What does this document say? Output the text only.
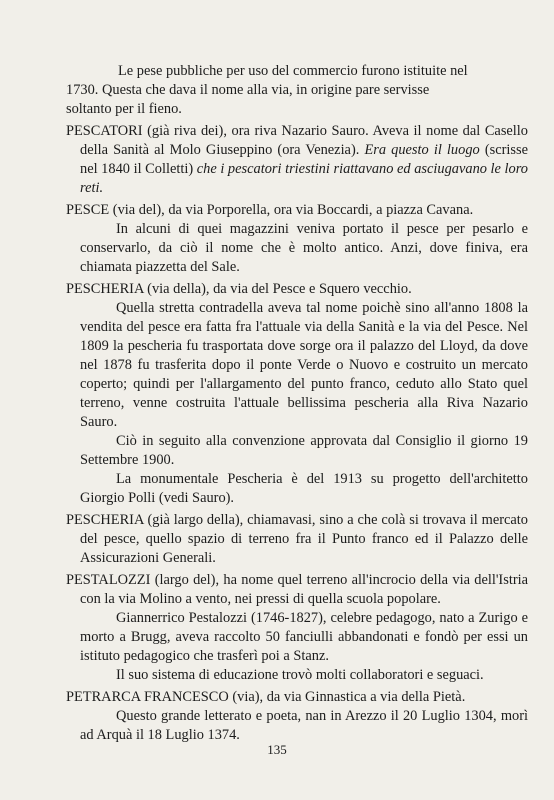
Le pese pubbliche per uso del commercio furono istituite nel
1730. Questa che dava il nome alla via, in origine pare servisse
soltanto per il fieno.

PESCATORI (già riva dei), ora riva Nazario Sauro. Aveva il nome dal Casello della Sanità al Molo Giuseppino (ora Venezia). Era questo il luogo (scrisse nel 1840 il Colletti) che i pescatori triestini riattavano ed asciugavano le loro reti.

PESCE (via del), da via Porporella, ora via Boccardi, a piazza Cavana.

In alcuni di quei magazzini veniva portato il pesce per pesarlo e conservarlo, da ciò il nome che è molto antico. Anzi, dove finiva, era chiamata piazzetta del Sale.

PESCHERIA (via della), da via del Pesce e Squero vecchio.

Quella stretta contradella aveva tal nome poichè sino all'anno 1808 la vendita del pesce era fatta fra l'attuale via della Sanità e la via del Pesce. Nel 1809 la pescheria fu trasportata dove sorge ora il palazzo del Lloyd, da dove nel 1878 fu trasferita dopo il ponte Verde o Nuovo e costruito un mercato coperto; quindi per l'allargamento del punto franco, ceduto allo Stato quel terreno, venne costruita l'attuale bellissima pescheria alla Riva Nazario Sauro.

Ciò in seguito alla convenzione approvata dal Consiglio il giorno 19 Settembre 1900.

La monumentale Pescheria è del 1913 su progetto dell'architetto Giorgio Polli (vedi Sauro).

PESCHERIA (già largo della), chiamavasi, sino a che colà si trovava il mercato del pesce, quello spazio di terreno fra il Punto franco ed il Palazzo delle Assicurazioni Generali.

PESTALOZZI (largo del), ha nome quel terreno all'incrocio della via dell'Istria con la via Molino a vento, nei pressi di quella scuola popolare.

Giannerrico Pestalozzi (1746-1827), celebre pedagogo, nato a Zurigo e morto a Brugg, aveva raccolto 50 fanciulli abbandonati e fondò per essi un istituto pedagogico che trasferì poi a Stanz.

Il suo sistema di educazione trovò molti collaboratori e seguaci.

PETRARCA FRANCESCO (via), da via Ginnastica a via della Pietà.

Questo grande letterato e poeta, nan in Arezzo il 20 Luglio 1304, morì ad Arquà il 18 Luglio 1374.

135
